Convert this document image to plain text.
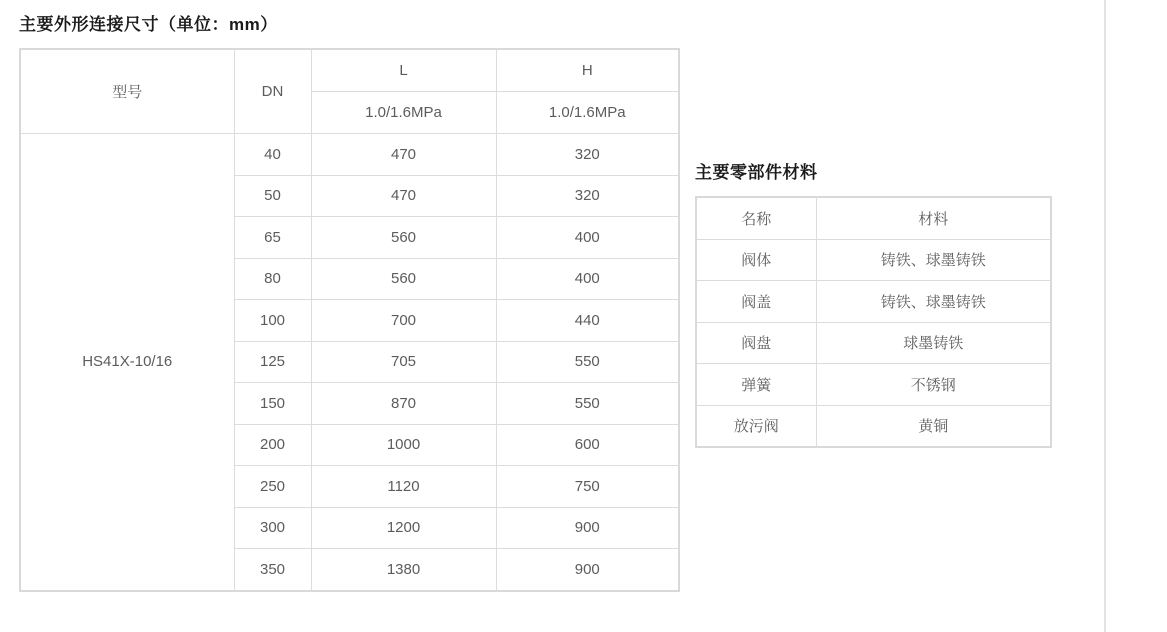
主要外形连接尺寸（单位：mm）
型号	DN	L	H
		1.0/1.6MPa	1.0/1.6MPa
HS41X-10/16	40	470	320
	50	470	320
	65	560	400
	80	560	400
	100	700	440
	125	705	550
	150	870	550
	200	1000	600
	250	1120	750
	300	1200	900
	350	1380	900
主要零部件材料
名称	材料
阀体	铸铁、球墨铸铁
阀盖	铸铁、球墨铸铁
阀盘	球墨铸铁
弹簧	不锈钢
放污阀	黄铜
